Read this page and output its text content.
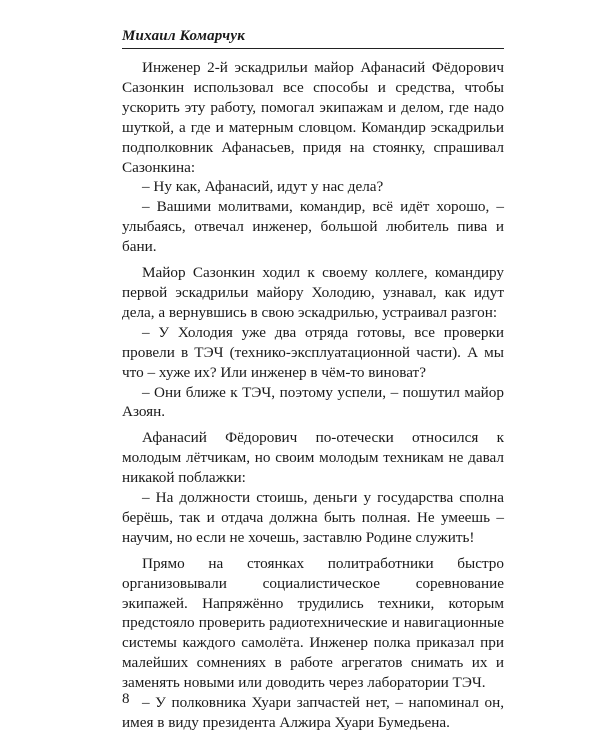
Михаил Комарчук

Инженер 2-й эскадрильи майор Афанасий Фёдорович Сазонкин использовал все способы и средства, чтобы ускорить эту работу, помогал экипажам и делом, где надо шуткой, а где и матерным словцом. Командир эскадрильи подполковник Афанасьев, придя на стоянку, спрашивал Сазонкина:

– Ну как, Афанасий, идут у нас дела?

– Вашими молитвами, командир, всё идёт хорошо, – улыбаясь, отвечал инженер, большой любитель пива и бани.

Майор Сазонкин ходил к своему коллеге, командиру первой эскадрильи майору Холодию, узнавал, как идут дела, а вернувшись в свою эскадрилью, устраивал разгон:

– У Холодия уже два отряда готовы, все проверки провели в ТЭЧ (технико-эксплуатационной части). А мы что – хуже их? Или инженер в чём-то виноват?

– Они ближе к ТЭЧ, поэтому успели, – пошутил майор Азоян.

Афанасий Фёдорович по-отечески относился к молодым лётчикам, но своим молодым техникам не давал никакой поблажки:

– На должности стоишь, деньги у государства сполна берёшь, так и отдача должна быть полная. Не умеешь – научим, но если не хочешь, заставлю Родине служить!

Прямо на стоянках политработники быстро организовывали социалистическое соревнование экипажей. Напряжённо трудились техники, которым предстояло проверить радиотехнические и навигационные системы каждого самолёта. Инженер полка приказал при малейших сомнениях в работе агрегатов снимать их и заменять новыми или доводить через лаборатории ТЭЧ.

– У полковника Хуари запчастей нет, – напоминал он, имея в виду президента Алжира Хуари Бумедьена.

8
